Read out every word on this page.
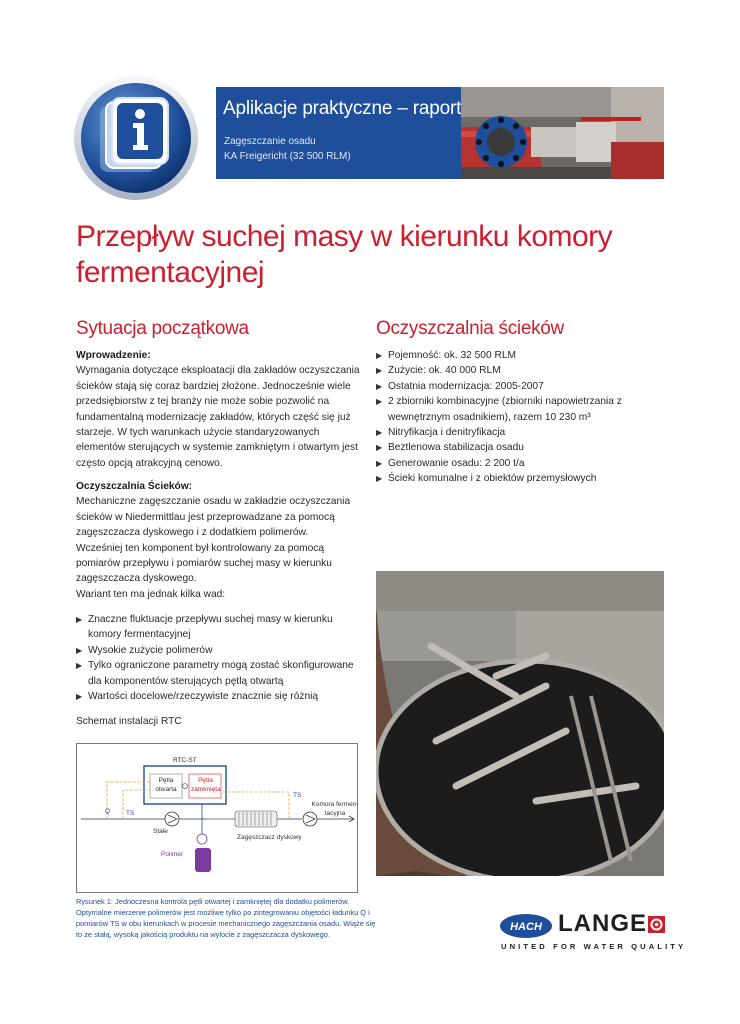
Aplikacje praktyczne – raport
Zagęszczanie osadu
KA Freigericht (32 500 RLM)
Przepływ suchej masy w kierunku komory fermentacyjnej
Sytuacja początkowa

Wprowadzenie:

Wymagania dotyczące eksploatacji dla zakładów oczyszczania ścieków stają się coraz bardziej złożone. Jednocześnie wiele przedsiębiorstw z tej branży nie może sobie pozwolić na fundamentalną modernizację zakładów, których część się już starzeje. W tych warunkach użycie standaryzowanych elementów sterujących w systemie zamkniętym i otwartym jest często opcją atrakcyjną cenowo.

Oczyszczalnia Ścieków:

Mechaniczne zagęszczanie osadu w zakładzie oczyszczania ścieków w Niedermittlau jest przeprowadzane za pomocą zagęszczacza dyskowego i z dodatkiem polimerów.

Wcześniej ten komponent był kontrolowany za pomocą pomiarów przepływu i pomiarów suchej masy w kierunku zagęszczacza dyskowego.

Wariant ten ma jednak kilka wad:

▶ Znaczne fluktuacje przepływu suchej masy w kierunku komory fermentacyjnej
▶ Wysokie zużycie polimerów
▶ Tylko ograniczone parametry mogą zostać skonfigurowane dla komponentów sterujących pętlą otwartą
▶ Wartości docelowe/rzeczywiste znacznie się różnią
Schemat instalacji RTC
RTC-ST
Pętla otwarta
Pętla zamknięta
Q TS
TS
Stałe
Komora fermen- tacyjna
Zagęszczacz dyskowy
Polimer
Rysunek 1: Jednoczesna kontrola pętli otwartej i zamkniętej dla dodatku polimerów. Optymalne mierzenie polimerów jest możliwe tylko po zintegrowaniu objętości ładunku Q i pomiarów TS w obu kierunkach w procesie mechanicznego zagęszczania osadu. Wiąże się to ze stałą, wysoką jakością produktu na wylocie z zagęszczacza dyskowego.
Oczyszczalnia ścieków
▶ Pojemność: ok. 32 500 RLM
▶ Zużycie: ok. 40 000 RLM
▶ Ostatnia modernizacja: 2005-2007
▶ 2 zbiorniki kombinacyjne (zbiorniki napowietrzania z wewnętrznym osadnikiem), razem 10 230 m³
▶ Nitryfikacja i denitryfikacja
▶ Beztlenowa stabilizacja osadu
▶ Generowanie osadu: 2 200 t/a
▶ Ścieki komunalne i z obiektów przemysłowych
HACH LANGE
UNITED FOR WATER QUALITY
